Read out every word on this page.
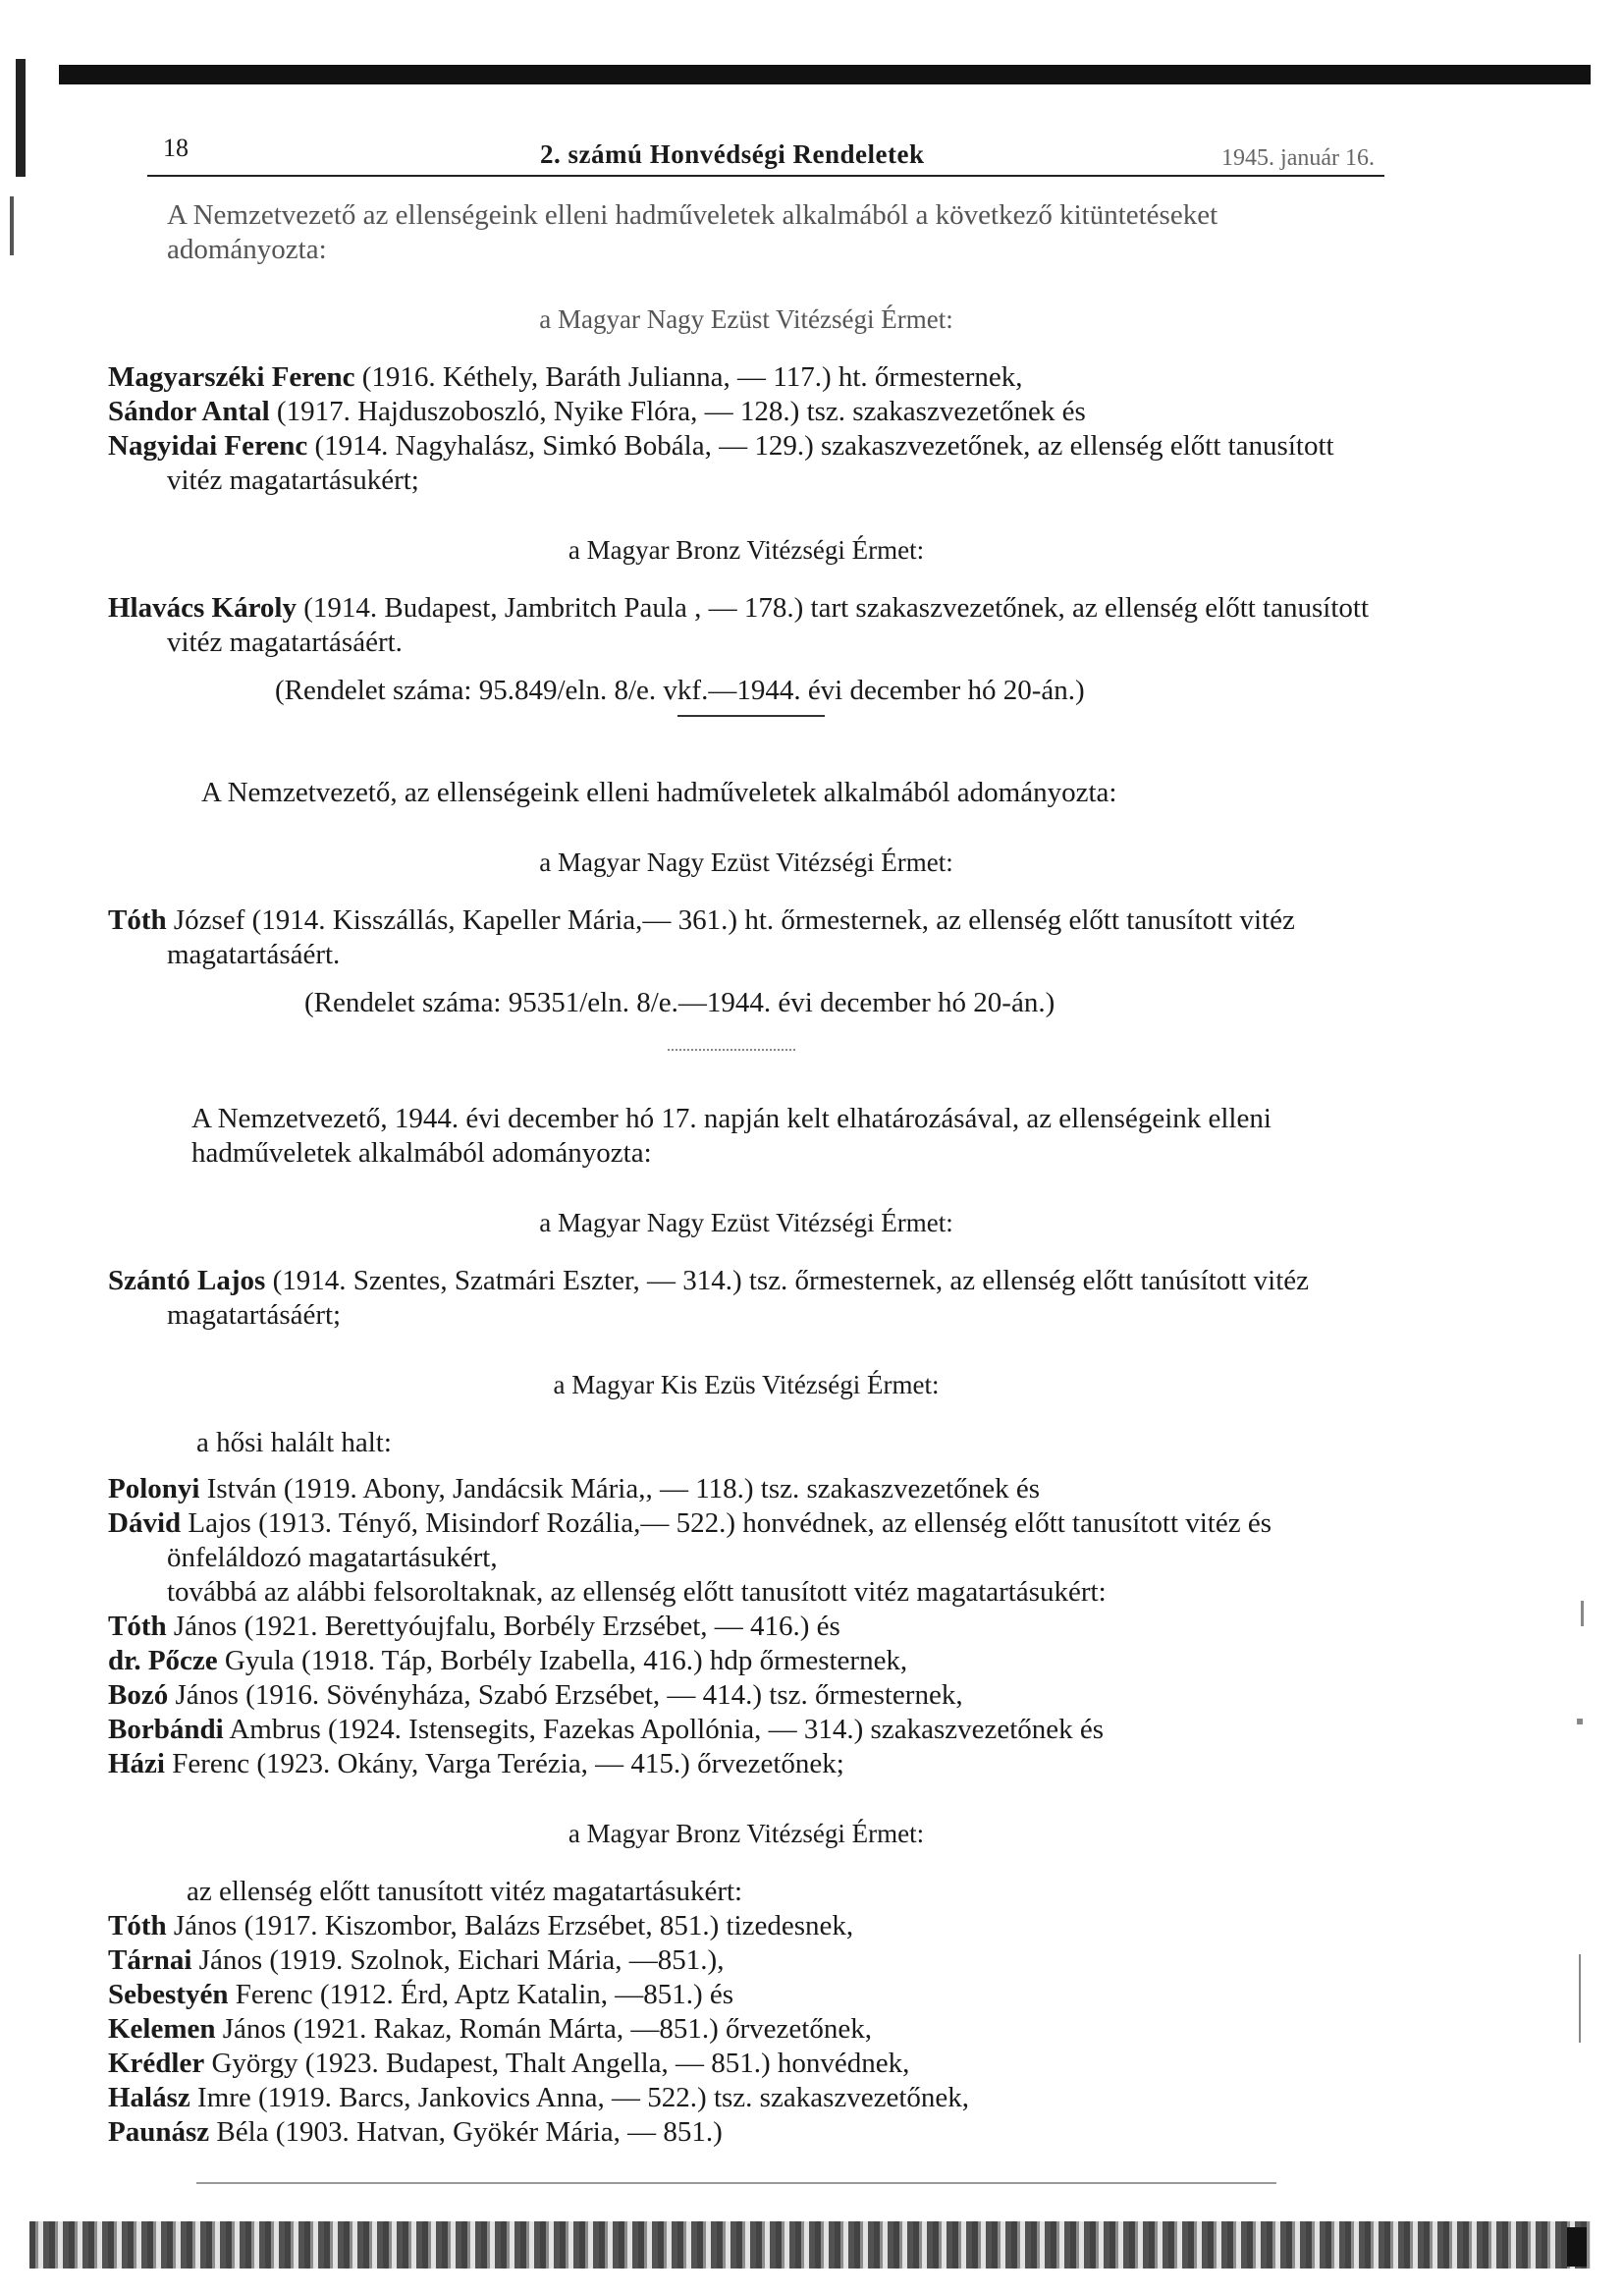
18	2. számú Honvédségi Rendeletek	1945. január 16.

A Nemzetvezető az ellenségeink elleni hadműveletek alkalmából a következő kitüntetéseket adományozta:

a Magyar Nagy Ezüst Vitézségi Érmet:

Magyarszéki Ferenc (1916. Kéthely, Baráth Julianna, — 117.) ht. őrmesternek,

Sándor Antal (1917. Hajduszoboszló, Nyike Flóra, — 128.) tsz. szakaszvezetőnek és

Nagyidai Ferenc (1914. Nagyhalász, Simkó Bobála, — 129.) szakaszvezetőnek, az ellenség előtt tanusított vitéz magatartásukért;

a Magyar Bronz Vitézségi Érmet:

Hlavács Károly (1914. Budapest, Jambritch Paula , — 178.) tart szakaszvezetőnek, az ellenség előtt tanusított vitéz magatartásáért.

(Rendelet száma: 95.849/eln. 8/e. vkf.—1944. évi december hó 20-án.)

A Nemzetvezető, az ellenségeink elleni hadműveletek alkalmából adományozta:

a Magyar Nagy Ezüst Vitézségi Érmet:

Tóth József (1914. Kisszállás, Kapeller Mária,— 361.) ht. őrmesternek, az ellenség előtt tanusított vitéz magatartásáért.

(Rendelet száma: 95351/eln. 8/e.—1944. évi december hó 20-án.)

A Nemzetvezető, 1944. évi december hó 17. napján kelt elhatározásával, az ellenségeink elleni hadműveletek alkalmából adományozta:

a Magyar Nagy Ezüst Vitézségi Érmet:

Szántó Lajos (1914. Szentes, Szatmári Eszter, — 314.) tsz. őrmesternek, az ellenség előtt tanúsított vitéz magatartásáért;

a Magyar Kis Ezüs Vitézségi Érmet:

a hősi halált halt:

Polonyi István (1919. Abony, Jandácsik Mária,, — 118.) tsz. szakaszvezetőnek és

Dávid Lajos (1913. Tényő, Misindorf Rozália,— 522.) honvédnek, az ellenség előtt tanusított vitéz és önfeláldozó magatartásukért,

továbbá az alábbi felsoroltaknak, az ellenség előtt tanusított vitéz magatartásukért:

Tóth János (1921. Berettyóujfalu, Borbély Erzsébet, — 416.) és

dr. Pőcze Gyula (1918. Táp, Borbély Izabella, 416.) hdp őrmesternek,

Bozó János (1916. Sövényháza, Szabó Erzsébet, — 414.) tsz. őrmesternek,

Borbándi Ambrus (1924. Istensegits, Fazekas Apollónia, — 314.) szakaszvezetőnek és

Házi Ferenc (1923. Okány, Varga Terézia, — 415.) őrvezetőnek;

a Magyar Bronz Vitézségi Érmet:

az ellenség előtt tanusított vitéz magatartásukért:

Tóth János (1917. Kiszombor, Balázs Erzsébet, 851.) tizedesnek,

Tárnai János (1919. Szolnok, Eichari Mária, —851.),

Sebestyén Ferenc (1912. Érd, Aptz Katalin, —851.) és

Kelemen János (1921. Rakaz, Román Márta, —851.) őrvezetőnek,

Krédler György (1923. Budapest, Thalt Angella, — 851.) honvédnek,

Halász Imre (1919. Barcs, Jankovics Anna, — 522.) tsz. szakaszvezetőnek,

Paunász Béla (1903. Hatvan, Gyökér Mária, — 851.)
